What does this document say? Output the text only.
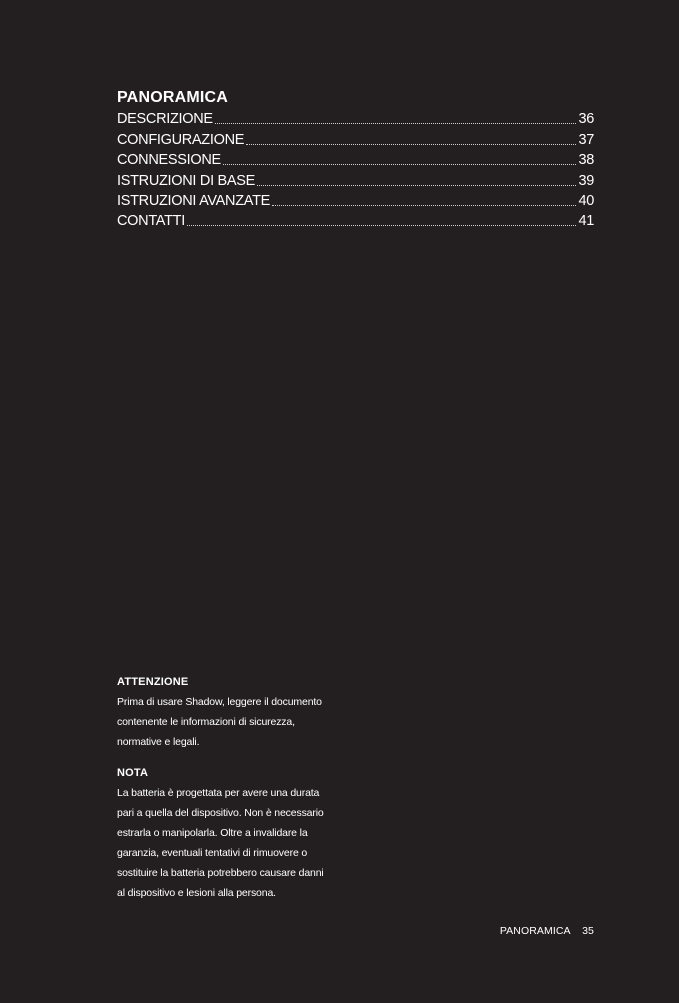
PANORAMICA
DESCRIZIONE	36
CONFIGURAZIONE	37
CONNESSIONE	38
ISTRUZIONI DI BASE	39
ISTRUZIONI AVANZATE	40
CONTATTI	41
ATTENZIONE
Prima di usare Shadow, leggere il documento
contenente le informazioni di sicurezza,
normative e legali.
NOTA
La batteria è progettata per avere una durata
pari a quella del dispositivo. Non è necessario
estrarla o manipolarla. Oltre a invalidare la
garanzia, eventuali tentativi di rimuovere o
sostituire la batteria potrebbero causare danni
al dispositivo e lesioni alla persona.
PANORAMICA 35
